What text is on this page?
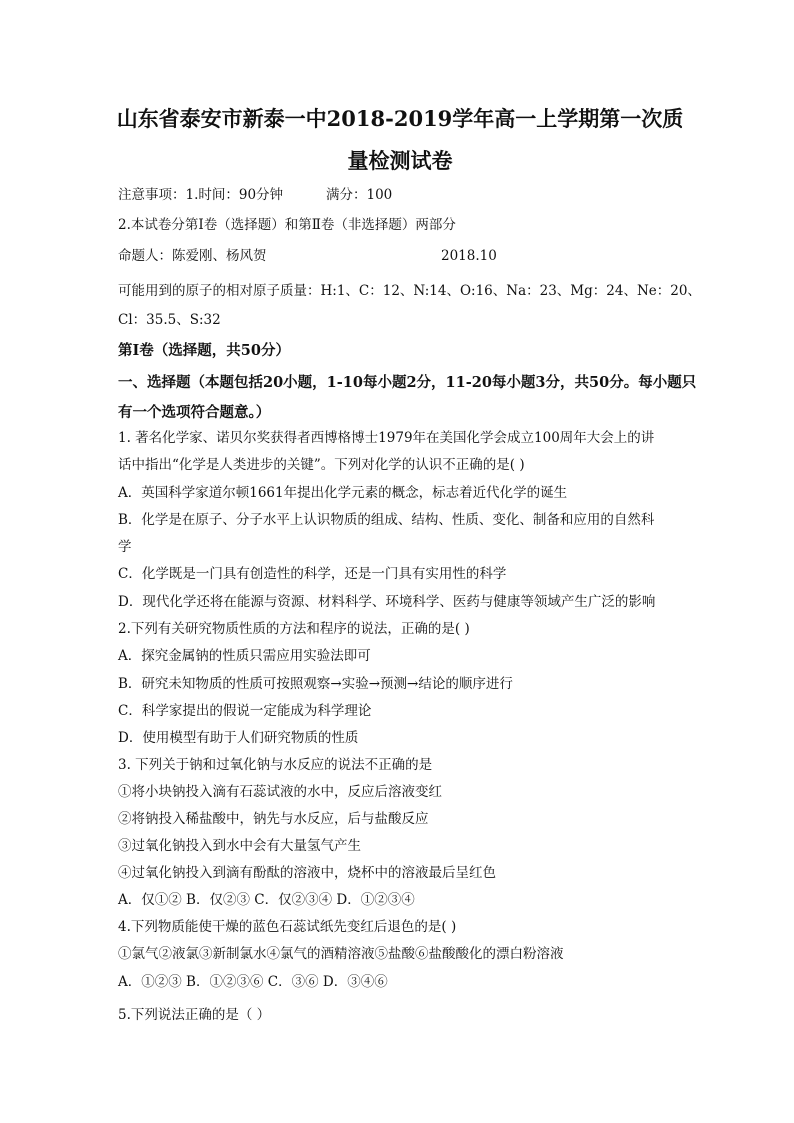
山东省泰安市新泰一中2018-2019学年高一上学期第一次质
量检测试卷
注意事项：1.时间：90分钟	满分：100
2.本试卷分第Ⅰ卷（选择题）和第Ⅱ卷（非选择题）两部分
命题人：陈爱刚、杨风贺	2018.10
可能用到的原子的相对原子质量：H:1、C：12、N:14、O:16、Na：23、Mg：24、Ne：20、
Cl：35.5、S:32
第Ⅰ卷（选择题，共50分）
一、选择题（本题包括20小题，1-10每小题2分，11-20每小题3分，共50分。每小题只
有一个选项符合题意。）
1. 著名化学家、诺贝尔奖获得者西博格博士1979年在美国化学会成立100周年大会上的讲
话中指出“化学是人类进步的关键”。下列对化学的认识不正确的是( )
A．英国科学家道尔顿1661年提出化学元素的概念，标志着近代化学的诞生
B．化学是在原子、分子水平上认识物质的组成、结构、性质、变化、制备和应用的自然科
学
C．化学既是一门具有创造性的科学，还是一门具有实用性的科学
D．现代化学还将在能源与资源、材料科学、环境科学、医药与健康等领域产生广泛的影响
2.下列有关研究物质性质的方法和程序的说法，正确的是( )
A．探究金属钠的性质只需应用实验法即可
B．研究未知物质的性质可按照观察→实验→预测→结论的顺序进行
C．科学家提出的假说一定能成为科学理论
D．使用模型有助于人们研究物质的性质
3. 下列关于钠和过氧化钠与水反应的说法不正确的是
①将小块钠投入滴有石蕊试液的水中，反应后溶液变红
②将钠投入稀盐酸中，钠先与水反应，后与盐酸反应
③过氧化钠投入到水中会有大量氢气产生
④过氧化钠投入到滴有酚酞的溶液中，烧杯中的溶液最后呈红色
A．仅①② B．仅②③ C．仅②③④ D．①②③④
4.下列物质能使干燥的蓝色石蕊试纸先变红后退色的是( )
①氯气②液氯③新制氯水④氯气的酒精溶液⑤盐酸⑥盐酸酸化的漂白粉溶液
A．①②③ B．①②③⑥ C．③⑥ D．③④⑥
5.下列说法正确的是（ ）
